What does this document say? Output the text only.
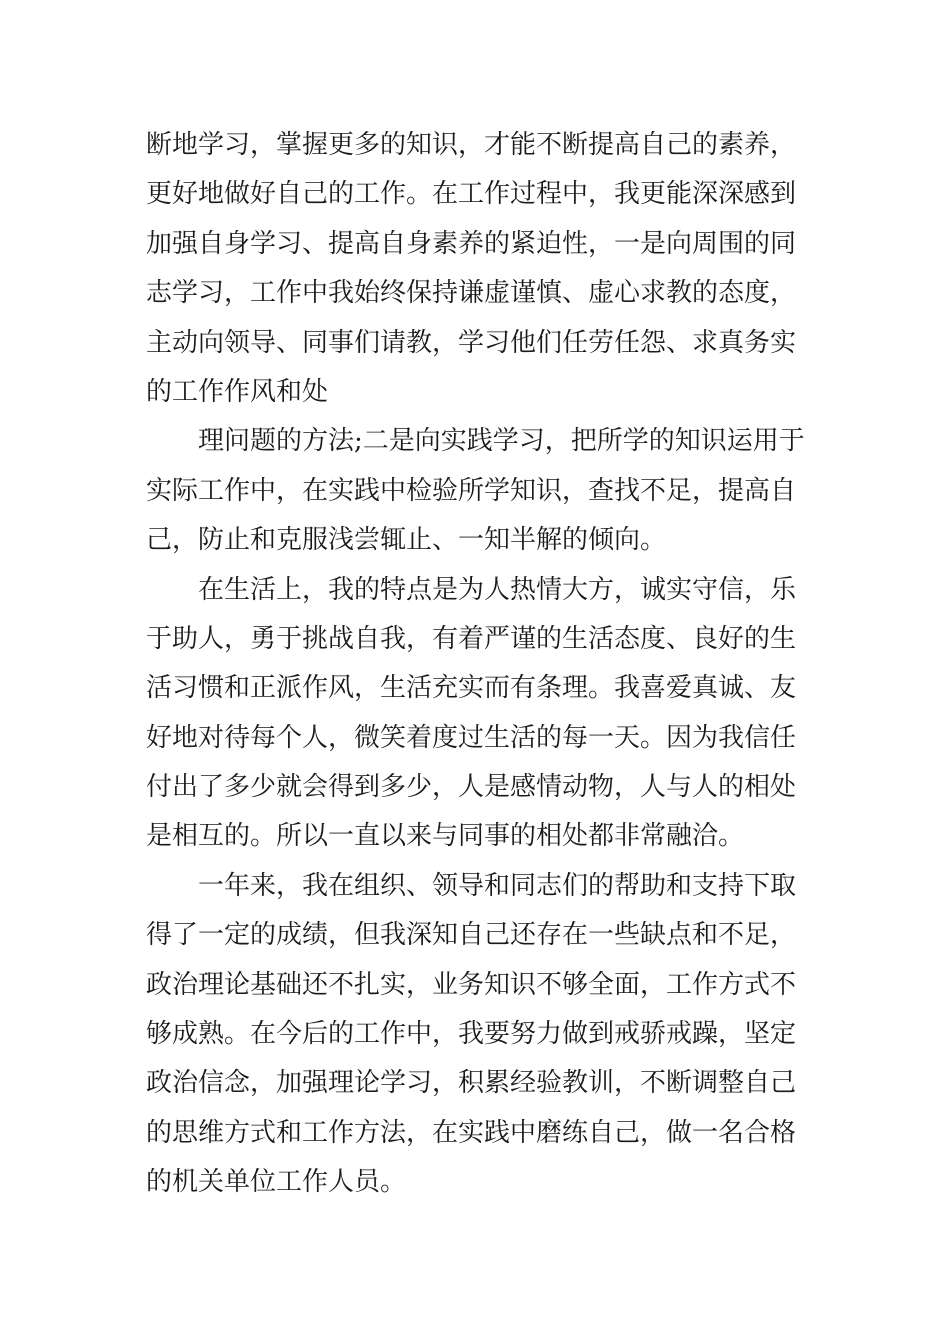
断地学习，掌握更多的知识，才能不断提高自己的素养，
更好地做好自己的工作。在工作过程中，我更能深深感到
加强自身学习、提高自身素养的紧迫性，一是向周围的同
志学习，工作中我始终保持谦虚谨慎、虚心求教的态度，
主动向领导、同事们请教，学习他们任劳任怨、求真务实
的工作作风和处
理问题的方法;二是向实践学习，把所学的知识运用于
实际工作中，在实践中检验所学知识，查找不足，提高自
己，防止和克服浅尝辄止、一知半解的倾向。
在生活上，我的特点是为人热情大方，诚实守信，乐
于助人，勇于挑战自我，有着严谨的生活态度、良好的生
活习惯和正派作风，生活充实而有条理。我喜爱真诚、友
好地对待每个人，微笑着度过生活的每一天。因为我信任
付出了多少就会得到多少，人是感情动物，人与人的相处
是相互的。所以一直以来与同事的相处都非常融洽。
一年来，我在组织、领导和同志们的帮助和支持下取
得了一定的成绩，但我深知自己还存在一些缺点和不足，
政治理论基础还不扎实，业务知识不够全面，工作方式不
够成熟。在今后的工作中，我要努力做到戒骄戒躁，坚定
政治信念，加强理论学习，积累经验教训，不断调整自己
的思维方式和工作方法，在实践中磨练自己，做一名合格
的机关单位工作人员。
